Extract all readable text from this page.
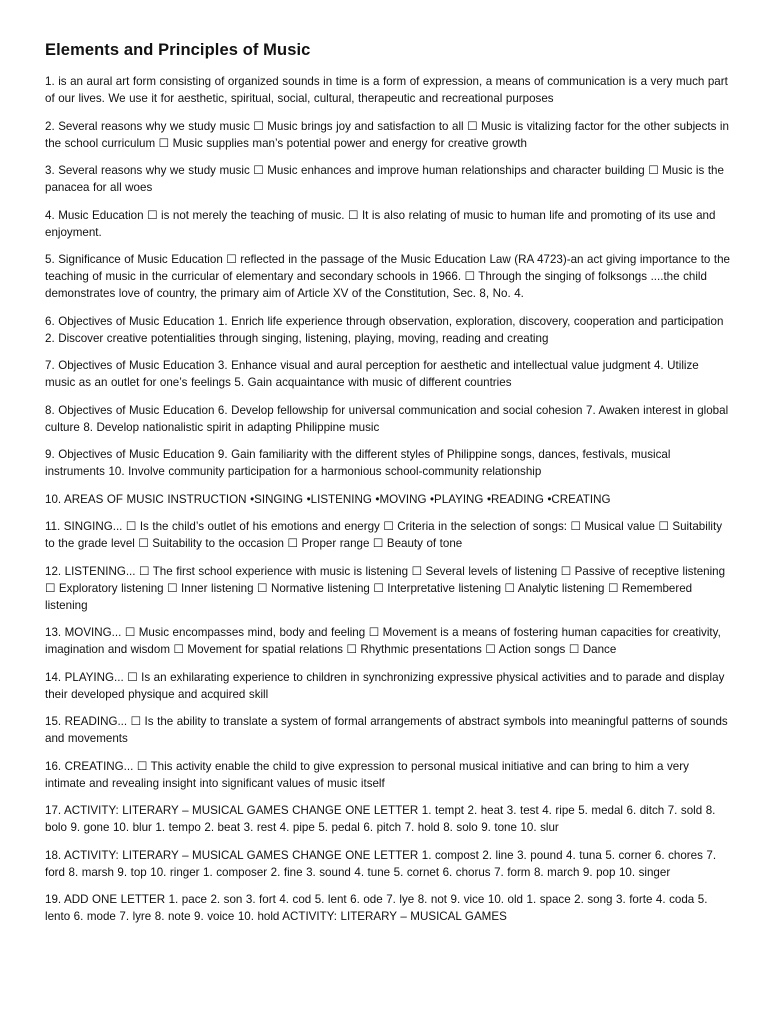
Elements and Principles of Music

1. is an aural art form consisting of organized sounds in time is a form of expression, a means of communication is a very much part of our lives. We use it for aesthetic, spiritual, social, cultural, therapeutic and recreational purposes

2. Several reasons why we study music ☐ Music brings joy and satisfaction to all ☐ Music is vitalizing factor for the other subjects in the school curriculum ☐ Music supplies man’s potential power and energy for creative growth

3. Several reasons why we study music ☐ Music enhances and improve human relationships and character building ☐ Music is the panacea for all woes

4. Music Education ☐ is not merely the teaching of music. ☐ It is also relating of music to human life and promoting of its use and enjoyment.

5. Significance of Music Education ☐ reflected in the passage of the Music Education Law (RA 4723)-an act giving importance to the teaching of music in the curricular of elementary and secondary schools in 1966. ☐ Through the singing of folksongs ....the child demonstrates love of country, the primary aim of Article XV of the Constitution, Sec. 8, No. 4.

6. Objectives of Music Education 1. Enrich life experience through observation, exploration, discovery, cooperation and participation 2. Discover creative potentialities through singing, listening, playing, moving, reading and creating

7. Objectives of Music Education 3. Enhance visual and aural perception for aesthetic and intellectual value judgment 4. Utilize music as an outlet for one’s feelings 5. Gain acquaintance with music of different countries

8. Objectives of Music Education 6. Develop fellowship for universal communication and social cohesion 7. Awaken interest in global culture 8. Develop nationalistic spirit in adapting Philippine music

9. Objectives of Music Education 9. Gain familiarity with the different styles of Philippine songs, dances, festivals, musical instruments 10. Involve community participation for a harmonious school-community relationship

10. AREAS OF MUSIC INSTRUCTION •SINGING •LISTENING •MOVING •PLAYING •READING •CREATING

11. SINGING... ☐ Is the child’s outlet of his emotions and energy ☐ Criteria in the selection of songs: ☐ Musical value ☐ Suitability to the grade level ☐ Suitability to the occasion ☐ Proper range ☐ Beauty of tone

12. LISTENING... ☐ The first school experience with music is listening ☐ Several levels of listening ☐ Passive of receptive listening ☐ Exploratory listening ☐ Inner listening ☐ Normative listening ☐ Interpretative listening ☐ Analytic listening ☐ Remembered listening

13. MOVING... ☐ Music encompasses mind, body and feeling ☐ Movement is a means of fostering human capacities for creativity, imagination and wisdom ☐ Movement for spatial relations ☐ Rhythmic presentations ☐ Action songs ☐ Dance

14. PLAYING... ☐ Is an exhilarating experience to children in synchronizing expressive physical activities and to parade and display their developed physique and acquired skill

15. READING... ☐ Is the ability to translate a system of formal arrangements of abstract symbols into meaningful patterns of sounds and movements

16. CREATING... ☐ This activity enable the child to give expression to personal musical initiative and can bring to him a very intimate and revealing insight into significant values of music itself

17. ACTIVITY: LITERARY – MUSICAL GAMES CHANGE ONE LETTER 1. tempt 2. heat 3. test 4. ripe 5. medal 6. ditch 7. sold 8. bolo 9. gone 10. blur 1. tempo 2. beat 3. rest 4. pipe 5. pedal 6. pitch 7. hold 8. solo 9. tone 10. slur

18. ACTIVITY: LITERARY – MUSICAL GAMES CHANGE ONE LETTER 1. compost 2. line 3. pound 4. tuna 5. corner 6. chores 7. ford 8. marsh 9. top 10. ringer 1. composer 2. fine 3. sound 4. tune 5. cornet 6. chorus 7. form 8. march 9. pop 10. singer

19. ADD ONE LETTER 1. pace 2. son 3. fort 4. cod 5. lent 6. ode 7. lye 8. not 9. vice 10. old 1. space 2. song 3. forte 4. coda 5. lento 6. mode 7. lyre 8. note 9. voice 10. hold ACTIVITY: LITERARY – MUSICAL GAMES
